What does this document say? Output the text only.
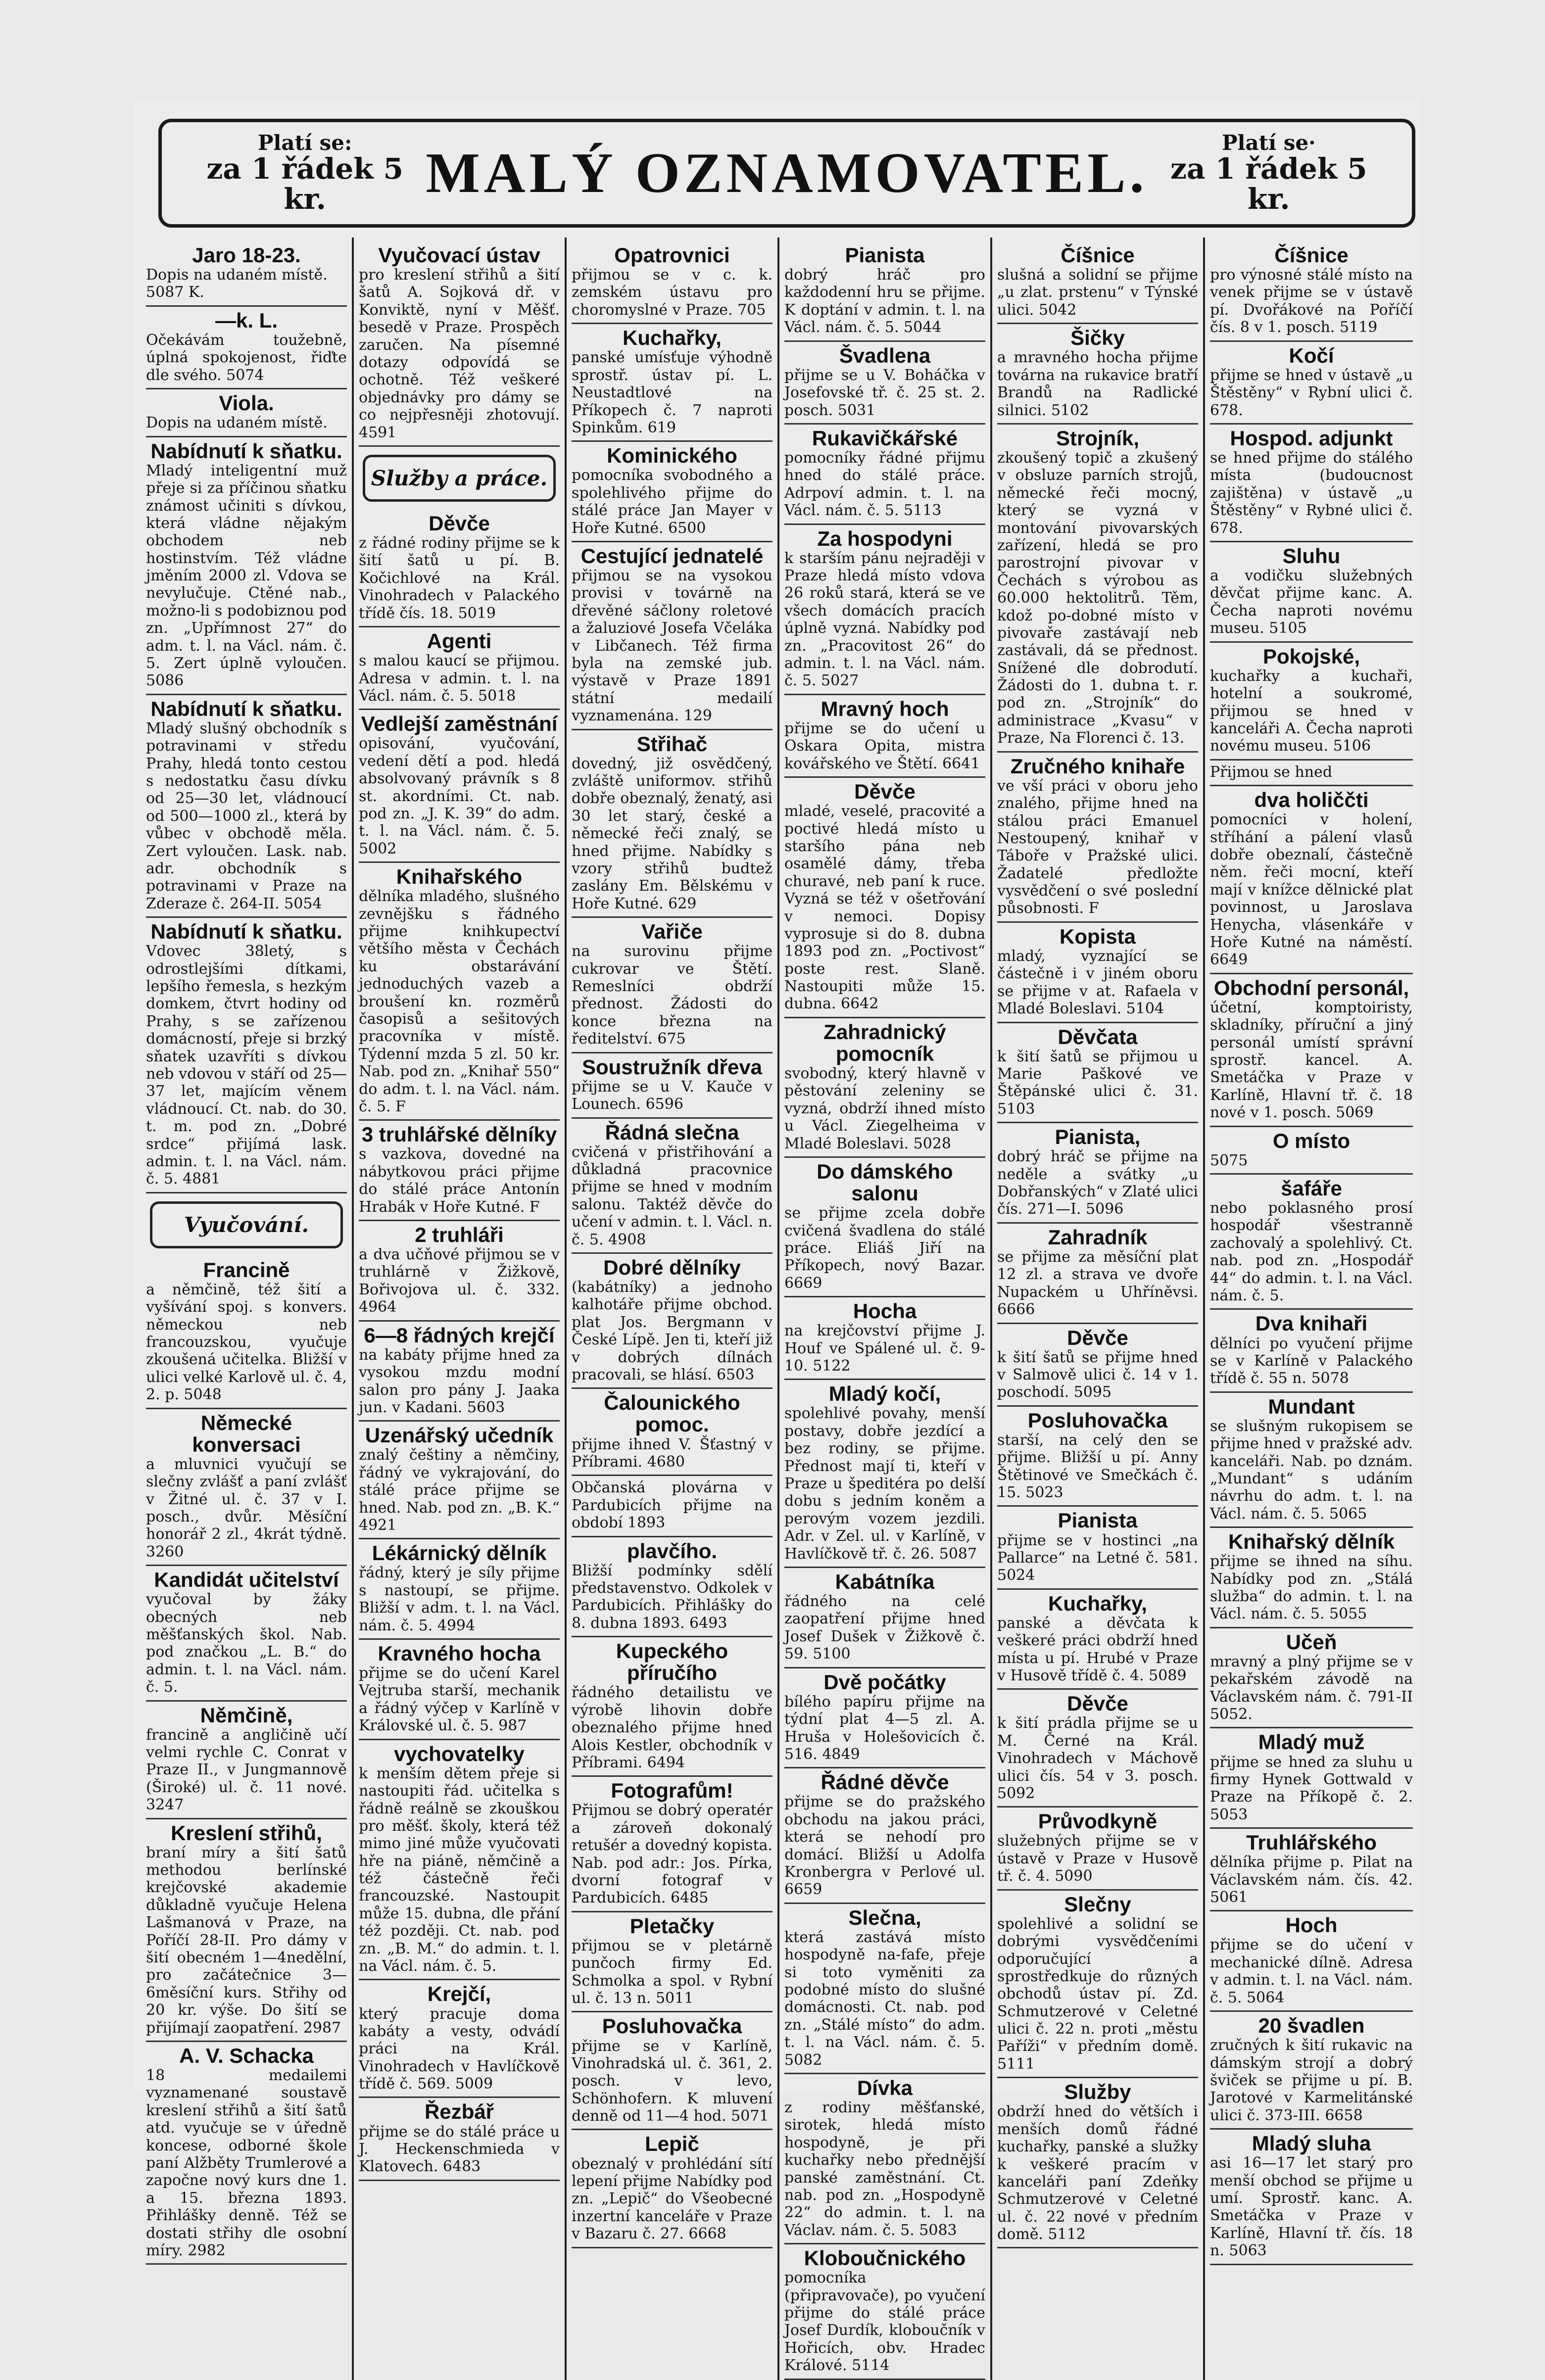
Platí se:
za 1 řádek 5 kr.	MALÝ OZNAMOVATEL.	Platí se·
za 1 řádek 5 kr.
Jaro 18-23.
Dopis na udaném místě.
5087 K.
—k. L.
Očekávám toužebně, úplná spokojenost, řiďte dle svého. 5074
Viola.
Dopis na udaném místě.
Nabídnutí k sňatku.
Mladý inteligentní muž přeje si za příčinou sňatku známost učiniti s dívkou, která vládne nějakým obchodem neb hostinstvím. Též vládne jměním 2000 zl. Vdova se nevylučuje. Ctěné nab., možno-li s podobiznou pod zn. „Upřímnost 27“ do adm. t. l. na Václ. nám. č. 5. Zert úplně vyloučen. 5086
Nabídnutí k sňatku.
Mladý slušný obchodník s potravinami v středu Prahy, hledá tonto cestou s nedostatku času dívku od 25—30 let, vládnoucí od 500—1000 zl., která by vůbec v obchodě měla. Zert vyloučen. Lask. nab. adr. obchodník s potravinami v Praze na Zderaze č. 264-II. 5054
Nabídnutí k sňatku.
Vdovec 38letý, s odrostlejšími dítkami, lepšího řemesla, s hezkým domkem, čtvrt hodiny od Prahy, s se zařízenou domácností, přeje si brzký sňatek uzavříti s dívkou neb vdovou v stáří od 25—37 let, majícím věnem vládnoucí. Ct. nab. do 30. t. m. pod zn. „Dobré srdce“ přijímá lask. admin. t. l. na Václ. nám. č. 5. 4881
Vyučování.
Francině
a němčině, též šití a vyšívání spoj. s konvers. německou neb francouzskou, vyučuje zkoušená učitelka. Bližší v ulici velké Karlově ul. č. 4, 2. p. 5048
Německé konversaci
a mluvnici vyučují se slečny zvlášť a paní zvlášť v Žitné ul. č. 37 v I. posch., dvůr. Měsíční honorář 2 zl., 4krát týdně. 3260
Kandidát učitelství
vyučoval by žáky obecných neb měšťanských škol. Nab. pod značkou „L. B.“ do admin. t. l. na Václ. nám. č. 5.
Němčině,
francině a angličině učí velmi rychle C. Conrat v Praze II., v Jungmannově (Široké) ul. č. 11 nové. 3247
Kreslení střihů,
braní míry a šití šatů methodou berlínské krejčovské akademie důkladně vyučuje Helena Lašmanová v Praze, na Poříčí 28-II. Pro dámy v šití obecném 1—4nedělní, pro začátečnice 3—6měsíční kurs. Střihy od 20 kr. výše. Do šití se přijímají zaopatření. 2987
A. V. Schacka
18 medailemi vyznamenané soustavě kreslení střihů a šití šatů atd. vyučuje se v úředně koncese, odborné škole paní Alžběty Trumlerové a započne nový kurs dne 1. a 15. března 1893. Přihlášky denně. Též se dostati střihy dle osobní míry. 2982
Vyučovací ústav
pro kreslení střihů a šití šatů A. Sojková dř. v Konviktě, nyní v Měšť. besedě v Praze. Prospěch zaručen. Na písemné dotazy odpovídá se ochotně. Též veškeré objednávky pro dámy se co nejpřesněji zhotovují. 4591
Služby a práce.
Děvče
z řádné rodiny přijme se k šití šatů u pí. B. Kočichlové na Král. Vinohradech v Palackého třídě čís. 18. 5019
Agenti
s malou kaucí se přijmou. Adresa v admin. t. l. na Václ. nám. č. 5. 5018
Vedlejší zaměstnání
opisování, vyučování, vedení dětí a pod. hledá absolvovaný právník s 8 st. akordními. Ct. nab. pod zn. „J. K. 39“ do adm. t. l. na Václ. nám. č. 5. 5002
Knihařského
dělníka mladého, slušného zevnějšku s řádného přijme knihkupectví většího města v Čechách ku obstarávání jednoduchých vazeb a broušení kn. rozměrů časopisů a sešitových pracovníka v místě. Týdenní mzda 5 zl. 50 kr. Nab. pod zn. „Knihař 550“ do adm. t. l. na Václ. nám. č. 5. F
3 truhlářské dělníky
s vazkova, dovedné na nábytkovou práci přijme do stálé práce Antonín Hrabák v Hoře Kutné. F
2 truhláři
a dva učňové přijmou se v truhlárně v Žižkově, Bořivojova ul. č. 332. 4964
6—8 řádných krejčí
na kabáty přijme hned za vysokou mzdu modní salon pro pány J. Jaaka jun. v Kadani. 5603
Uzenářský učedník
znalý češtiny a němčiny, řádný ve vykrajování, do stálé práce přijme se hned. Nab. pod zn. „B. K.“ 4921
Lékárnický dělník
řádný, který je síly přijme s nastoupí, se přijme. Bližší v adm. t. l. na Václ. nám. č. 5. 4994
Kravného hocha
přijme se do učení Karel Vejtruba starší, mechanik a řádný výčep v Karlíně v Královské ul. č. 5. 987
vychovatelky
k menším dětem přeje si nastoupiti řád. učitelka s řádně reálně se zkouškou pro měšť. školy, která též mimo jiné může vyučovati hře na piáně, němčině a též částečně řeči francouzské. Nastoupit může 15. dubna, dle přání též později. Ct. nab. pod zn. „B. M.“ do admin. t. l. na Václ. nám. č. 5.
Krejčí,
který pracuje doma kabáty a vesty, odvádí práci na Král. Vinohradech v Havlíčkově třídě č. 569. 5009
Řezbář
přijme se do stálé práce u J. Heckenschmieda v Klatovech. 6483
Opatrovnici
přijmou se v c. k. zemském ústavu pro choromyslné v Praze. 705
Kuchařky,
panské umísťuje výhodně sprostř. ústav pí. L. Neustadtlové na Příkopech č. 7 naproti Spinkům. 619
Kominického
pomocníka svobodného a spolehlivého přijme do stálé práce Jan Mayer v Hoře Kutné. 6500
Cestující jednatelé
přijmou se na vysokou provisi v továrně na dřevěné sáčlony roletové a žaluziové Josefa Včeláka v Libčanech. Též firma byla na zemské jub. výstavě v Praze 1891 státní medailí vyznamenána. 129
Střihač
dovedný, již osvědčený, zvláště uniformov. střihů dobře obeznalý, ženatý, asi 30 let starý, české a německé řeči znalý, se hned přijme. Nabídky s vzory střihů budtež zaslány Em. Bělskému v Hoře Kutné. 629
Vařiče
na surovinu přijme cukrovar ve Štětí. Remeslníci obdrží přednost. Žádosti do konce března na ředitelství. 675
Soustružník dřeva
přijme se u V. Kauče v Lounech. 6596
Řádná slečna
cvičená v přistřihování a důkladná pracovnice přijme se hned v modním salonu. Taktéž děvče do učení v admin. t. l. Václ. n. č. 5. 4908
Dobré dělníky
(kabátníky) a jednoho kalhotáře přijme obchod. plat Jos. Bergmann v České Lípě. Jen ti, kteří již v dobrých dílnách pracovali, se hlásí. 6503
Čalounického pomoc.
přijme ihned V. Šťastný v Příbrami. 4680
Občanská plovárna v Pardubicích přijme na období 1893
plavčího.
Bližší podmínky sdělí představenstvo. Odkolek v Pardubicích. Přihlášky do 8. dubna 1893. 6493
Kupeckého příručího
řádného detailistu ve výrobě lihovin dobře obeznalého přijme hned Alois Kestler, obchodník v Příbrami. 6494
Fotografům!
Přijmou se dobrý operatér a zároveň dokonalý retušér a dovedný kopista. Nab. pod adr.: Jos. Pírka, dvorní fotograf v Pardubicích. 6485
Pletačky
přijmou se v pletárně punčoch firmy Ed. Schmolka a spol. v Rybní ul. č. 13 n. 5011
Posluhovačka
přijme se v Karlíně, Vinohradská ul. č. 361, 2. posch. v levo, Schönhofern. K mluvení denně od 11—4 hod. 5071
Lepič
obeznalý v prohlédání sítí lepení přijme Nabídky pod zn. „Lepič“ do Všeobecné inzertní kanceláře v Praze v Bazaru č. 27. 6668
Pianista
dobrý hráč pro každodenní hru se přijme. K doptání v admin. t. l. na Václ. nám. č. 5. 5044
Švadlena
přijme se u V. Boháčka v Josefovské tř. č. 25 st. 2. posch. 5031
Rukavičkářské
pomocníky řádné přijmu hned do stálé práce. Adrpoví admin. t. l. na Václ. nám. č. 5. 5113
Za hospodyni
k starším pánu nejraději v Praze hledá místo vdova 26 roků stará, která se ve všech domácích pracích úplně vyzná. Nabídky pod zn. „Pracovitost 26“ do admin. t. l. na Václ. nám. č. 5. 5027
Mravný hoch
přijme se do učení u Oskara Opita, mistra kovářského ve Štětí. 6641
Děvče
mladé, veselé, pracovité a poctivé hledá místo u staršího pána neb osamělé dámy, třeba churavé, neb paní k ruce. Vyzná se též v ošetřování v nemoci. Dopisy vyprosuje si do 8. dubna 1893 pod zn. „Poctivost“ poste rest. Slaně. Nastoupiti může 15. dubna. 6642
Zahradnický pomocník
svobodný, který hlavně v pěstování zeleniny se vyzná, obdrží ihned místo u Václ. Ziegelheima v Mladé Boleslavi. 5028
Do dámského salonu
se přijme zcela dobře cvičená švadlena do stálé práce. Eliáš Jiří na Příkopech, nový Bazar. 6669
Hocha
na krejčovství přijme J. Houf ve Spálené ul. č. 9-10. 5122
Mladý kočí,
spolehlivé povahy, menší postavy, dobře jezdící a bez rodiny, se přijme. Přednost mají ti, kteří v Praze u špeditéra po delší dobu s jedním koněm a perovým vozem jezdili. Adr. v Zel. ul. v Karlíně, v Havlíčkově tř. č. 26. 5087
Kabátníka
řádného na celé zaopatření přijme hned Josef Dušek v Žižkově č. 59. 5100
Dvě počátky
bílého papíru přijme na týdní plat 4—5 zl. A. Hruša v Holešovicích č. 516. 4849
Řádné děvče
přijme se do pražského obchodu na jakou práci, která se nehodí pro domácí. Bližší u Adolfa Kronbergra v Perlové ul. 6659
Slečna,
která zastává místo hospodyně na-fafe, přeje si toto vyměniti za podobné místo do slušné domácnosti. Ct. nab. pod zn. „Stálé místo“ do adm. t. l. na Václ. nám. č. 5. 5082
Dívka
z rodiny měšťanské, sirotek, hledá místo hospodyně, je při kuchařky nebo přednější panské zaměstnání. Ct. nab. pod zn. „Hospodyně 22“ do admin. t. l. na Václav. nám. č. 5. 5083
Kloboučnického
pomocníka (připravovače), po vyučení přijme do stálé práce Josef Durdík, kloboučník v Hořicích, obv. Hradec Králové. 5114
Číšnice
slušná a solidní se přijme „u zlat. prstenu“ v Týnské ulici. 5042
Šičky
a mravného hocha přijme továrna na rukavice bratří Brandů na Radlické silnici. 5102
Strojník,
zkoušený topič a zkušený v obsluze parních strojů, německé řeči mocný, který se vyzná v montování pivovarských zařízení, hledá se pro parostrojní pivovar v Čechách s výrobou as 60.000 hektolitrů. Těm, kdož po-dobné místo v pivovaře zastávají neb zastávali, dá se přednost. Snížené dle dobrodutí. Žádosti do 1. dubna t. r. pod zn. „Strojník“ do administrace „Kvasu“ v Praze, Na Florenci č. 13.
Zručného knihaře
ve vší práci v oboru jeho znalého, přijme hned na stálou práci Emanuel Nestoupený, knihař v Táboře v Pražské ulici. Žadatelé předložte vysvědčení o své poslední působnosti. F
Kopista
mladý, vyznající se částečně i v jiném oboru se přijme v at. Rafaela v Mladé Boleslavi. 5104
Děvčata
k šití šatů se přijmou u Marie Paškové ve Štěpánské ulici č. 31. 5103
Pianista,
dobrý hráč se přijme na neděle a svátky „u Dobřanských“ v Zlaté ulici čís. 271—I. 5096
Zahradník
se přijme za měsíční plat 12 zl. a strava ve dvoře Nupackém u Uhříněvsi. 6666
Děvče
k šití šatů se přijme hned v Salmově ulici č. 14 v 1. poschodí. 5095
Posluhovačka
starší, na celý den se přijme. Bližší u pí. Anny Štětinové ve Smečkách č. 15. 5023
Pianista
přijme se v hostinci „na Pallarce“ na Letné č. 581. 5024
Kuchařky,
panské a děvčata k veškeré práci obdrží hned místa u pí. Hrubé v Praze v Husově třídě č. 4. 5089
Děvče
k šití prádla přijme se u M. Černé na Král. Vinohradech v Máchově ulici čís. 54 v 3. posch. 5092
Průvodkyně
služebných přijme se v ústavě v Praze v Husově tř. č. 4. 5090
Slečny
spolehlivé a solidní se dobrými vysvědčeními odporučující a sprostředkuje do různých obchodů ústav pí. Zd. Schmutzerové v Celetné ulici č. 22 n. proti „městu Paříži“ v předním domě. 5111
Služby
obdrží hned do větších i menších domů řádné kuchařky, panské a služky k veškeré pracím v kanceláři paní Zdeňky Schmutzerové v Celetné ul. č. 22 nové v předním domě. 5112
Číšnice
pro výnosné stálé místo na venek přijme se v ústavě pí. Dvořákové na Poříčí čís. 8 v 1. posch. 5119
Kočí
přijme se hned v ústavě „u Štěstěny“ v Rybní ulici č. 678.
Hospod. adjunkt
se hned přijme do stálého místa (budoucnost zajištěna) v ústavě „u Štěstěny“ v Rybné ulici č. 678.
Sluhu
a vodičku služebných děvčat přijme kanc. A. Čecha naproti novému museu. 5105
Pokojské,
kuchařky a kuchaři, hotelní a soukromé, přijmou se hned v kanceláři A. Čecha naproti novému museu. 5106
Přijmou se hned
dva holiččti
pomocníci v holení, stříhání a pálení vlasů dobře obeznalí, částečně něm. řeči mocní, kteří mají v knížce dělnické plat povinnost, u Jaroslava Henycha, vlásenkáře v Hoře Kutné na náměstí. 6649
Obchodní personál,
účetní, komptoiristy, skladníky, příruční a jiný personál umístí správní sprostř. kancel. A. Smetáčka v Praze v Karlíně, Hlavní tř. č. 18 nové v 1. posch. 5069
O místo
5075
šafáře
nebo poklasného prosí hospodář všestranně zachovalý a spolehlivý. Ct. nab. pod zn. „Hospodář 44“ do admin. t. l. na Václ. nám. č. 5.
Dva knihaři
dělníci po vyučení přijme se v Karlíně v Palackého třídě č. 55 n. 5078
Mundant
se slušným rukopisem se přijme hned v pražské adv. kanceláři. Nab. po dznám. „Mundant“ s udáním návrhu do adm. t. l. na Václ. nám. č. 5. 5065
Knihařský dělník
přijme se ihned na síhu. Nabídky pod zn. „Stálá služba“ do admin. t. l. na Václ. nám. č. 5. 5055
Učeň
mravný a plný přijme se v pekařském závodě na Václavském nám. č. 791-II 5052.
Mladý muž
přijme se hned za sluhu u firmy Hynek Gottwald v Praze na Příkopě č. 2. 5053
Truhlářského
dělníka přijme p. Pilat na Václavském nám. čís. 42. 5061
Hoch
přijme se do učení v mechanické dílně. Adresa v admin. t. l. na Václ. nám. č. 5. 5064
20 švadlen
zručných k šití rukavic na dámským strojí a dobrý šviček se přijme u pí. B. Jarotové v Karmelitánské ulici č. 373-III. 6658
Mladý sluha
asi 16—17 let starý pro menší obchod se přijme u umí. Sprostř. kanc. A. Smetáčka v Praze v Karlíně, Hlavní tř. čís. 18 n. 5063
